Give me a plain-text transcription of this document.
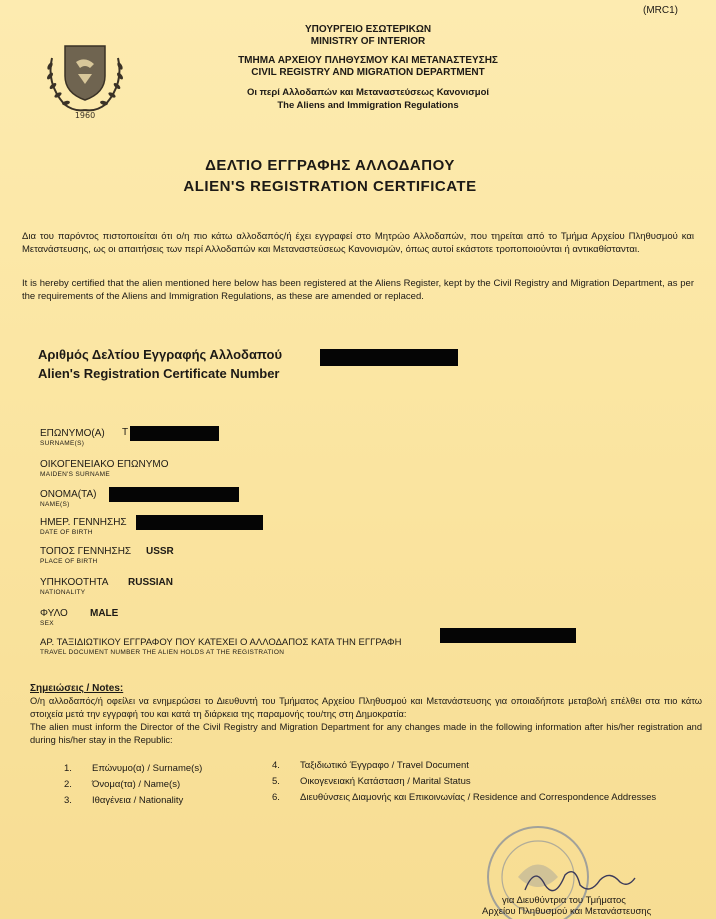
(MRC1)
1960
ΥΠΟΥΡΓΕΙΟ ΕΣΩΤΕΡΙΚΩΝ
MINISTRY OF INTERIOR
ΤΜΗΜΑ ΑΡΧΕΙΟΥ ΠΛΗΘΥΣΜΟΥ ΚΑΙ ΜΕΤΑΝΑΣΤΕΥΣΗΣ
CIVIL REGISTRY AND MIGRATION DEPARTMENT
Οι περί Αλλοδαπών και Μεταναστεύσεως Κανονισμοί
The Aliens and Immigration Regulations
ΔΕΛΤΙΟ ΕΓΓΡΑΦΗΣ ΑΛΛΟΔΑΠΟΥ
ALIEN'S REGISTRATION CERTIFICATE
Δια του παρόντος πιστοποιείται ότι ο/η πιο κάτω αλλοδαπός/ή έχει εγγραφεί στο Μητρώο Αλλοδαπών, που τηρείται από το Τμήμα Αρχείου Πληθυσμού και Μετανάστευσης, ως οι απαιτήσεις των περί Αλλοδαπών και Μεταναστεύσεως Κανονισμών, όπως αυτοί εκάστοτε τροποποιούνται ή αντικαθίστανται.
It is hereby certified that the alien mentioned here below has been registered at the Aliens Register, kept by the Civil Registry and Migration Department, as per the requirements of the Aliens and Immigration Regulations, as these are amended or replaced.
Αριθμός Δελτίου Εγγραφής Αλλοδαπού
Alien's Registration Certificate Number
ΕΠΩΝΥΜΟ(Α)
SURNAME(S)
Τ
ΟΙΚΟΓΕΝΕΙΑΚΟ ΕΠΩΝΥΜΟ
MAIDEN'S SURNAME
ΟΝΟΜΑ(ΤΑ)
NAME(S)
ΗΜΕΡ. ΓΕΝΝΗΣΗΣ
DATE OF BIRTH
ΤΟΠΟΣ ΓΕΝΝΗΣΗΣ
PLACE OF BIRTH
USSR
ΥΠΗΚΟΟΤΗΤΑ
NATIONALITY
RUSSIAN
ΦΥΛΟ
SEX
MALE
ΑΡ. ΤΑΞΙΔΙΩΤΙΚΟΥ ΕΓΓΡΑΦΟΥ ΠΟΥ ΚΑΤΕΧΕΙ Ο ΑΛΛΟΔΑΠΟΣ ΚΑΤΑ ΤΗΝ ΕΓΓΡΑΦΗ
TRAVEL DOCUMENT NUMBER THE ALIEN HOLDS AT THE REGISTRATION
Σημειώσεις / Notes:
Ο/η αλλοδαπός/ή οφείλει να ενημερώσει το Διευθυντή του Τμήματος Αρχείου Πληθυσμού και Μετανάστευσης για οποιαδήποτε μεταβολή επέλθει στα πιο κάτω στοιχεία μετά την εγγραφή του και κατά τη διάρκεια της παραμονής του/της στη Δημοκρατία:
The alien must inform the Director of the Civil Registry and Migration Department for any changes made in the following information after his/her registration and during his/her stay in the Republic:
1. Επώνυμο(α) / Surname(s)
2. Όνομα(τα) / Name(s)
3. Ιθαγένεια / Nationality
4. Ταξιδιωτικό Έγγραφο / Travel Document
5. Οικογενειακή Κατάσταση / Marital Status
6. Διευθύνσεις Διαμονής και Επικοινωνίας / Residence and Correspondence Addresses
για Διευθύντρια του Τμήματος
Αρχείου Πληθυσμού και Μετανάστευσης
